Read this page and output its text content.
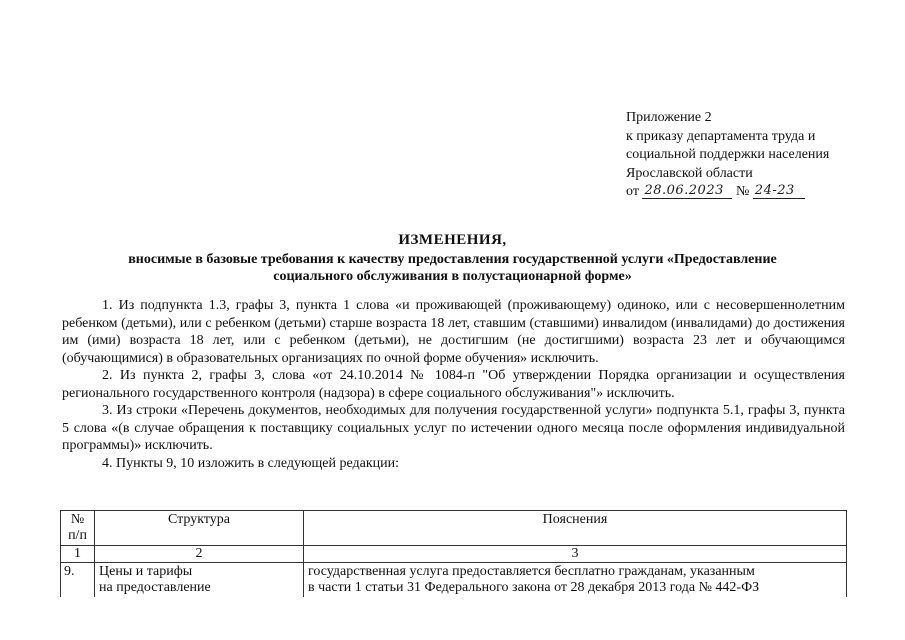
Приложение 2
к приказу департамента труда и
социальной поддержки населения
Ярославской области
от 28.06.2023 № 24-23
ИЗМЕНЕНИЯ,
вносимые в базовые требования к качеству предоставления государственной услуги «Предоставление
социального обслуживания в полустационарной форме»

1. Из подпункта 1.3, графы 3, пункта 1 слова «и проживающей (проживающему) одиноко, или с несовершеннолетним ребенком (детьми), или с ребенком (детьми) старше возраста 18 лет, ставшим (ставшими) инвалидом (инвалидами) до достижения им (ими) возраста 18 лет, или с ребенком (детьми), не достигшим (не достигшими) возраста 23 лет и обучающимся (обучающимися) в образовательных организациях по очной форме обучения» исключить.

2. Из пункта 2, графы 3, слова «от 24.10.2014 № 1084-п "Об утверждении Порядка организации и осуществления регионального государственного контроля (надзора) в сфере социального обслуживания"» исключить.

3. Из строки «Перечень документов, необходимых для получения государственной услуги» подпункта 5.1, графы 3, пункта 5 слова «(в случае обращения к поставщику социальных услуг по истечении одного месяца после оформления индивидуальной программы)» исключить.

4. Пункты 9, 10 изложить в следующей редакции:

№
п/п	Структура	Пояснения
1	2	3
9.	Цены и тарифы
на предоставление	государственная услуга предоставляется бесплатно гражданам, указанным
в части 1 статьи 31 Федерального закона от 28 декабря 2013 года № 442-ФЗ
